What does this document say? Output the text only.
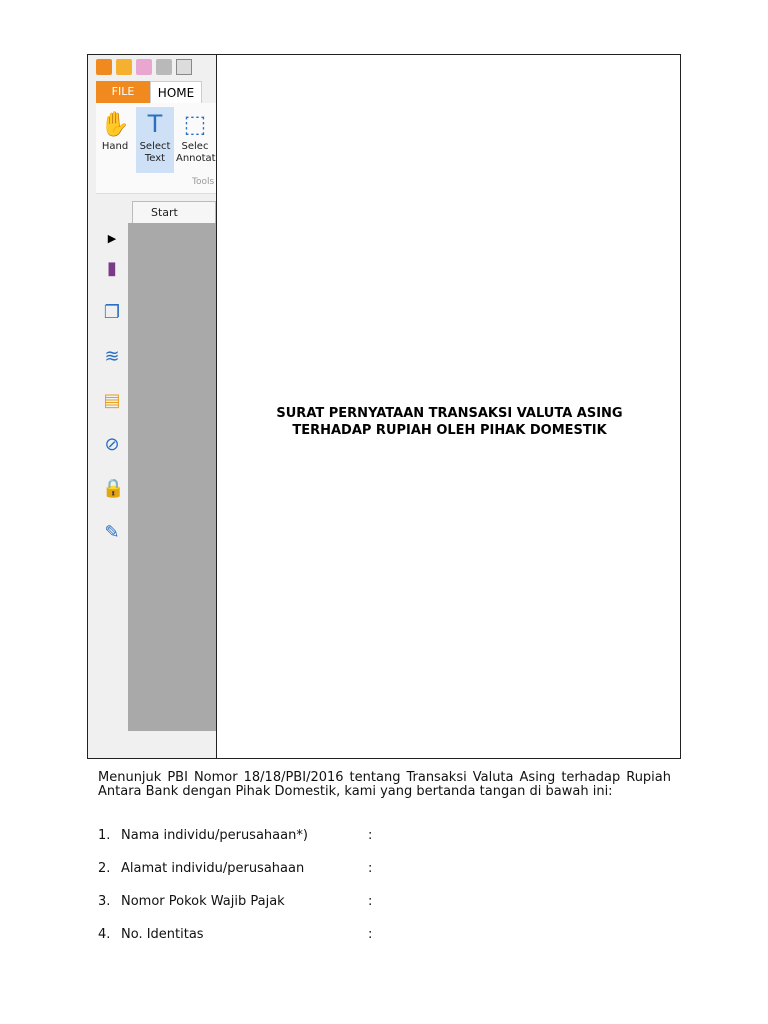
FILE	HOME
✋
Hand
T
Select
Text
⬚
Selec
Annotat
Tools
Start
▶
▮
❐
≋
▤
⊘
🔒
✎
SURAT PERNYATAAN TRANSAKSI VALUTA ASING
TERHADAP RUPIAH OLEH PIHAK DOMESTIK
Menunjuk PBI Nomor 18/18/PBI/2016 tentang Transaksi Valuta Asing terhadap Rupiah Antara Bank dengan Pihak Domestik, kami yang bertanda tangan di bawah ini:
1. Nama individu/perusahaan*)	:
2. Alamat individu/perusahaan	:
3. Nomor Pokok Wajib Pajak	:
4. No. Identitas	:
